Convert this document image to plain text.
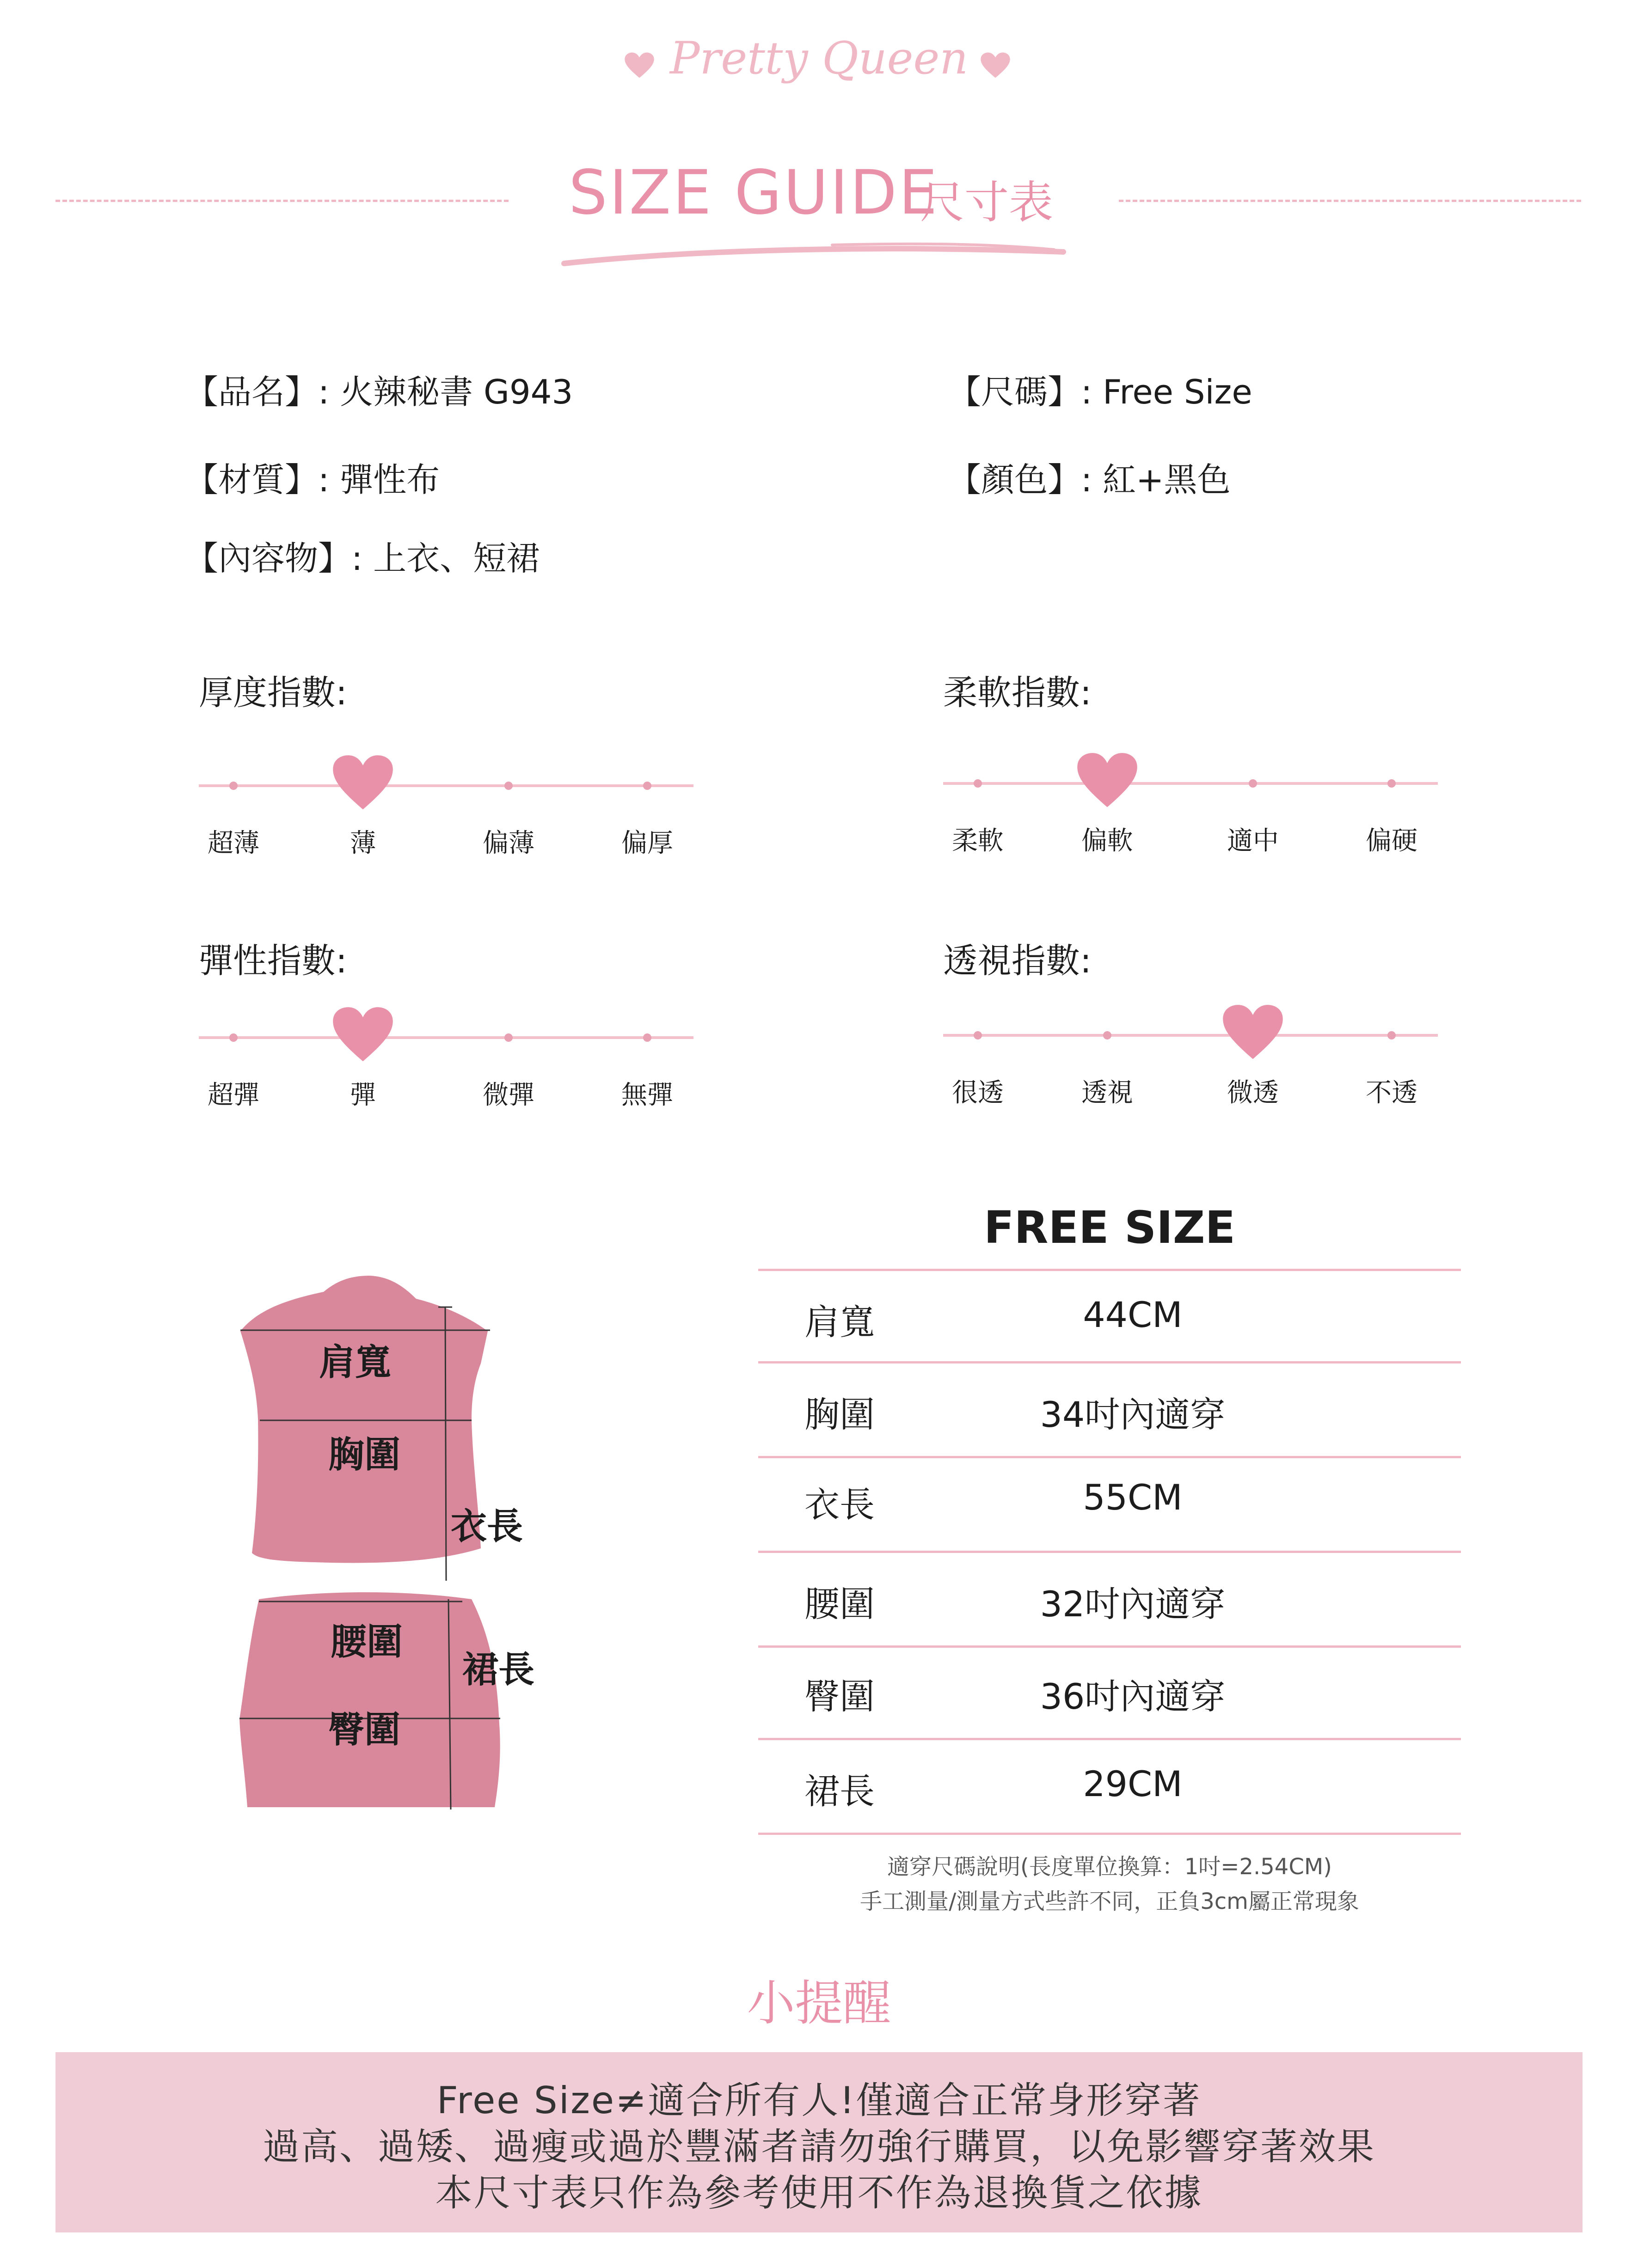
Pretty Queen
SIZE GUIDE
尺寸表
【品名】: 火辣秘書 G943	【尺碼】: Free Size
【材質】: 彈性布	【顏色】: 紅+黑色
【內容物】: 上衣、短裙
厚度指數:
超薄	薄	偏薄	偏厚
柔軟指數:
柔軟	偏軟	適中	偏硬
彈性指數:
超彈	彈	微彈	無彈
透視指數:
很透	透視	微透	不透
肩寬
胸圍
衣長
腰圍
裙長
臀圍
FREE SIZE
肩寬	44CM
胸圍	34吋內適穿
衣長	55CM
腰圍	32吋內適穿
臀圍	36吋內適穿
裙長	29CM
適穿尺碼說明(長度單位換算：1吋=2.54CM)
手工測量/測量方式些許不同，正負3cm屬正常現象
小提醒
Free Size≠適合所有人!僅適合正常身形穿著
過高、過矮、過瘦或過於豐滿者請勿強行購買，以免影響穿著效果
本尺寸表只作為參考使用不作為退換貨之依據
